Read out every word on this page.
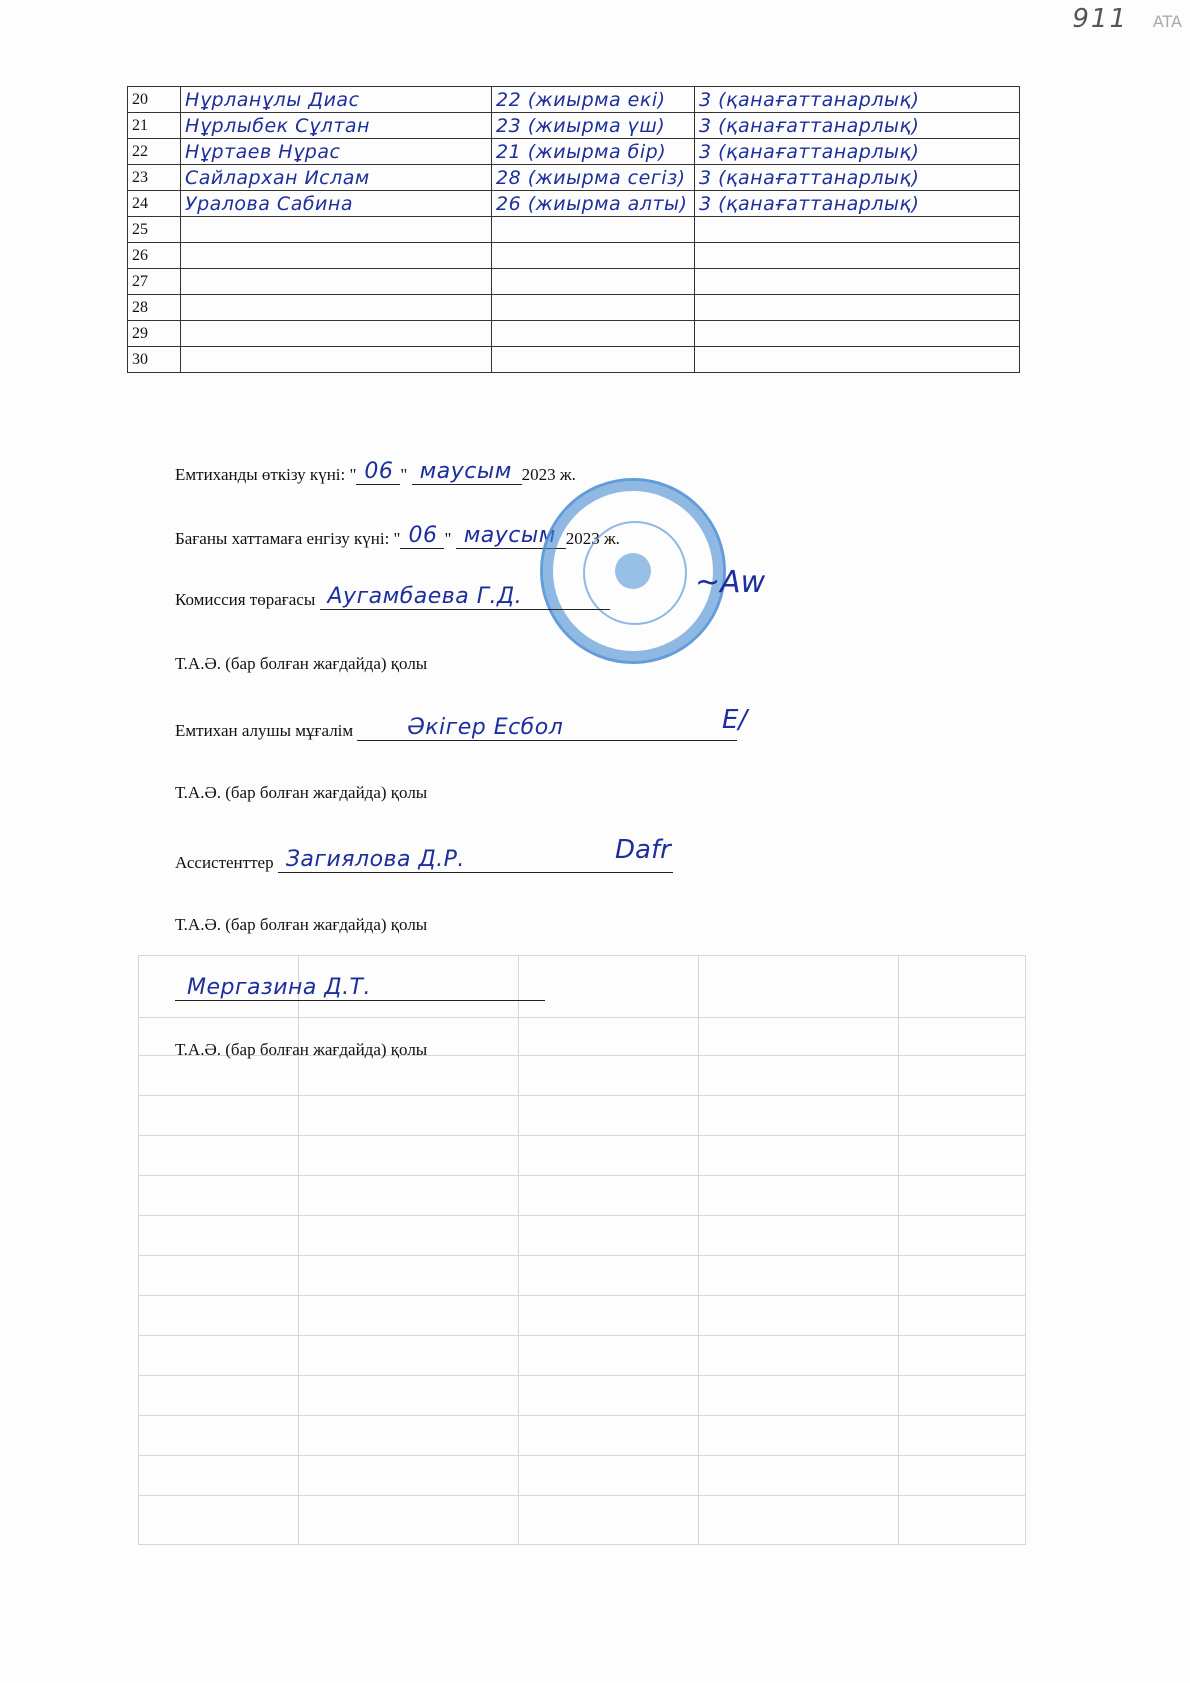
911 ATA
20	Нұрланұлы Диас	22 (жиырма екі)	3 (қанағаттанарлық)
21	Нұрлыбек Сұлтан	23 (жиырма үш)	3 (қанағаттанарлық)
22	Нұртаев Нұрас	21 (жиырма бір)	3 (қанағаттанарлық)
23	Сайлархан Ислам	28 (жиырма сегіз)	3 (қанағаттанарлық)
24	Уралова Сабина	26 (жиырма алты)	3 (қанағаттанарлық)
25			
26			
27			
28			
29			
30			
Емтиханды өткізу күні: " 06 " маусым 2023 ж.
Бағаны хаттамаға енгізу күні: " 06 " маусым 2023 ж.
Комиссия төрағасы Аугамбаева Г.Д.	~Aw
Т.А.Ә. (бар болған жағдайда) қолы
Емтихан алушы мұғалім Әкiгер Есбол	E/
Т.А.Ә. (бар болған жағдайда) қолы
Ассистенттер Загиялова Д.Р.	Dafr
Т.А.Ә. (бар болған жағдайда) қолы
Мергазина Д.Т.
Т.А.Ә. (бар болған жағдайда) қолы
